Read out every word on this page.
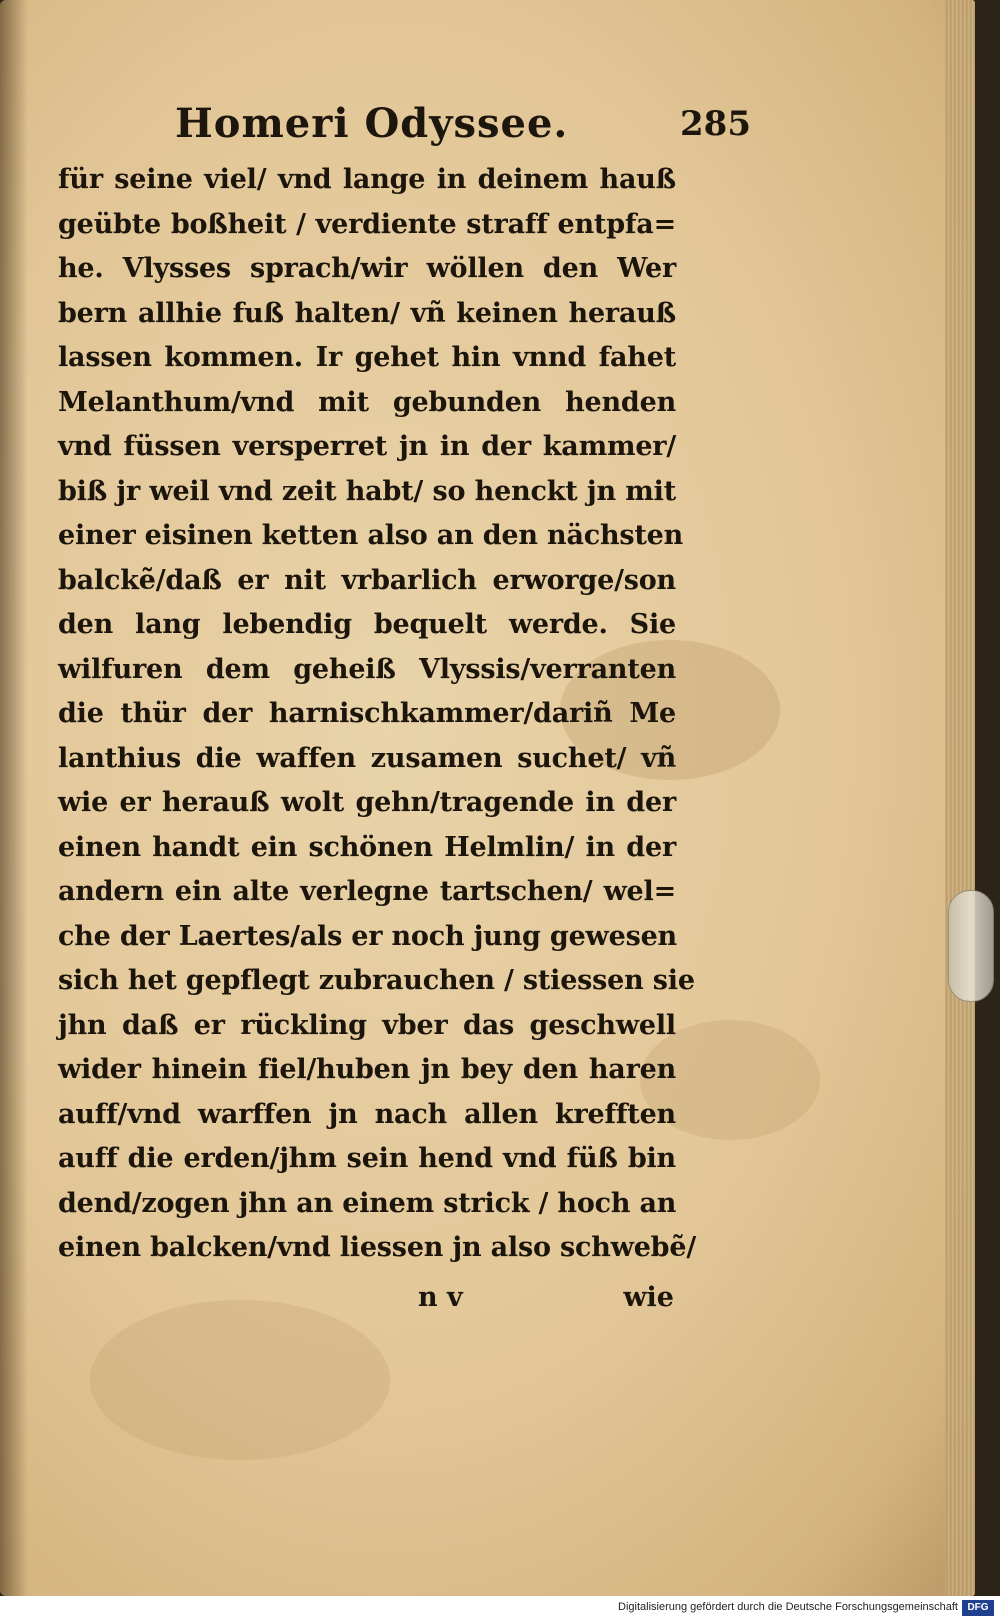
Homeri Odyssee.	285
für seine viel/ vnd lange in deinem hauß
geübte boßheit / verdiente straff entpfa=
he. Vlysses sprach/wir wöllen den Wer
bern allhie fuß halten/ vñ keinen herauß
lassen kommen. Ir gehet hin vnnd fahet
Melanthum/vnd mit gebunden henden
vnd füssen versperret jn in der kammer/
biß jr weil vnd zeit habt/ so henckt jn mit
einer eisinen ketten also an den nächsten
balckẽ/daß er nit vrbarlich erworge/son
den lang lebendig bequelt werde. Sie
wilfuren dem geheiß Vlyssis/verranten
die thür der harnischkammer/dariñ Me
lanthius die waffen zusamen suchet/ vñ
wie er herauß wolt gehn/tragende in der
einen handt ein schönen Helmlin/ in der
andern ein alte verlegne tartschen/ wel=
che der Laertes/als er noch jung gewesen
sich het gepflegt zubrauchen / stiessen sie
jhn daß er rückling vber das geschwell
wider hinein fiel/huben jn bey den haren
auff/vnd warffen jn nach allen krefften
auff die erden/jhm sein hend vnd füß bin
dend/zogen jhn an einem strick / hoch an
einen balcken/vnd liessen jn also schwebẽ/
n v	wie
Digitalisierung gefördert durch die Deutsche Forschungsgemeinschaft DFG
